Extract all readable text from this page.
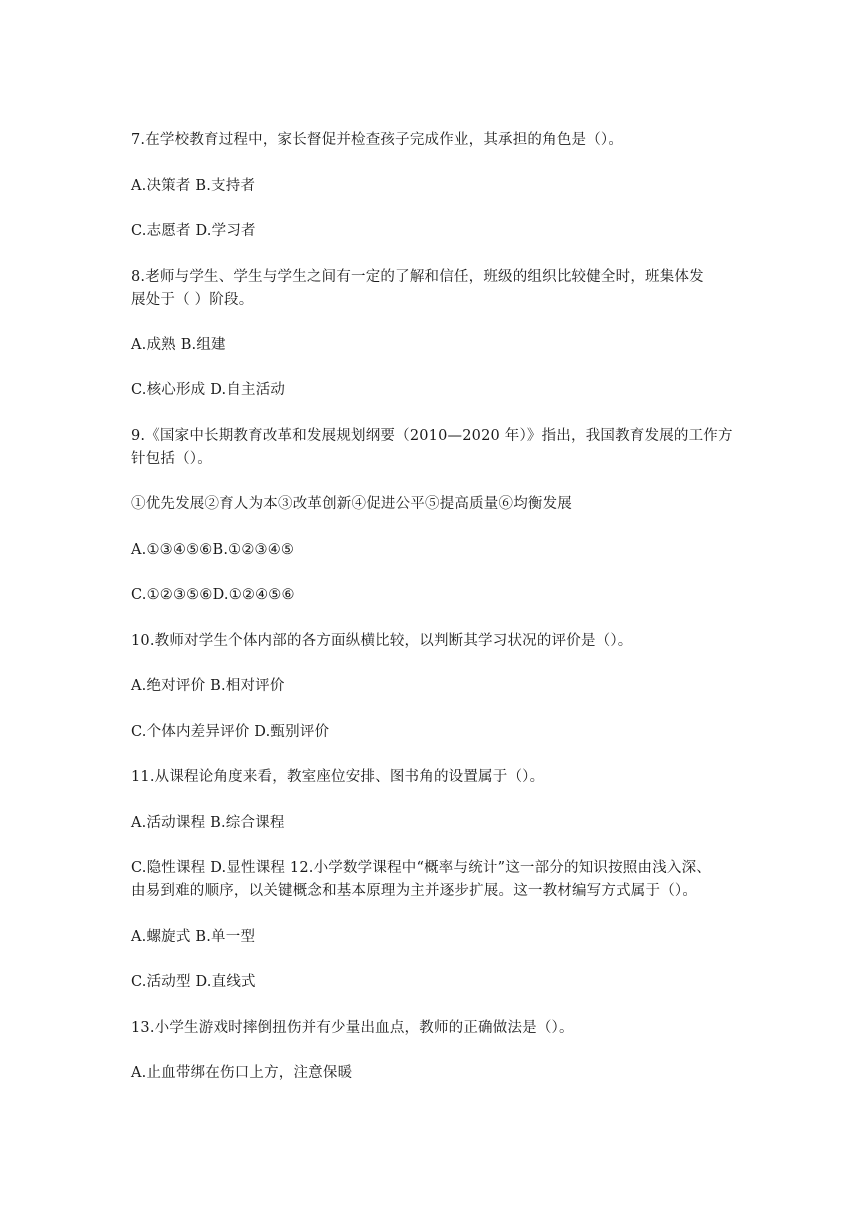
7.在学校教育过程中，家长督促并检查孩子完成作业，其承担的角色是（）。
A.决策者 B.支持者
C.志愿者 D.学习者
8.老师与学生、学生与学生之间有一定的了解和信任，班级的组织比较健全时，班集体发
展处于（ ）阶段。
A.成熟 B.组建
C.核心形成 D.自主活动
9.《国家中长期教育改革和发展规划纲要（2010—2020 年）》指出，我国教育发展的工作方
针包括（）。
①优先发展②育人为本③改革创新④促进公平⑤提高质量⑥均衡发展
A.①③④⑤⑥B.①②③④⑤
C.①②③⑤⑥D.①②④⑤⑥
10.教师对学生个体内部的各方面纵横比较，以判断其学习状况的评价是（）。
A.绝对评价 B.相对评价
C.个体内差异评价 D.甄别评价
11.从课程论角度来看，教室座位安排、图书角的设置属于（）。
A.活动课程 B.综合课程
C.隐性课程 D.显性课程 12.小学数学课程中“概率与统计”这一部分的知识按照由浅入深、
由易到难的顺序，以关键概念和基本原理为主并逐步扩展。这一教材编写方式属于（）。
A.螺旋式 B.单一型
C.活动型 D.直线式
13.小学生游戏时摔倒扭伤并有少量出血点，教师的正确做法是（）。
A.止血带绑在伤口上方，注意保暖
